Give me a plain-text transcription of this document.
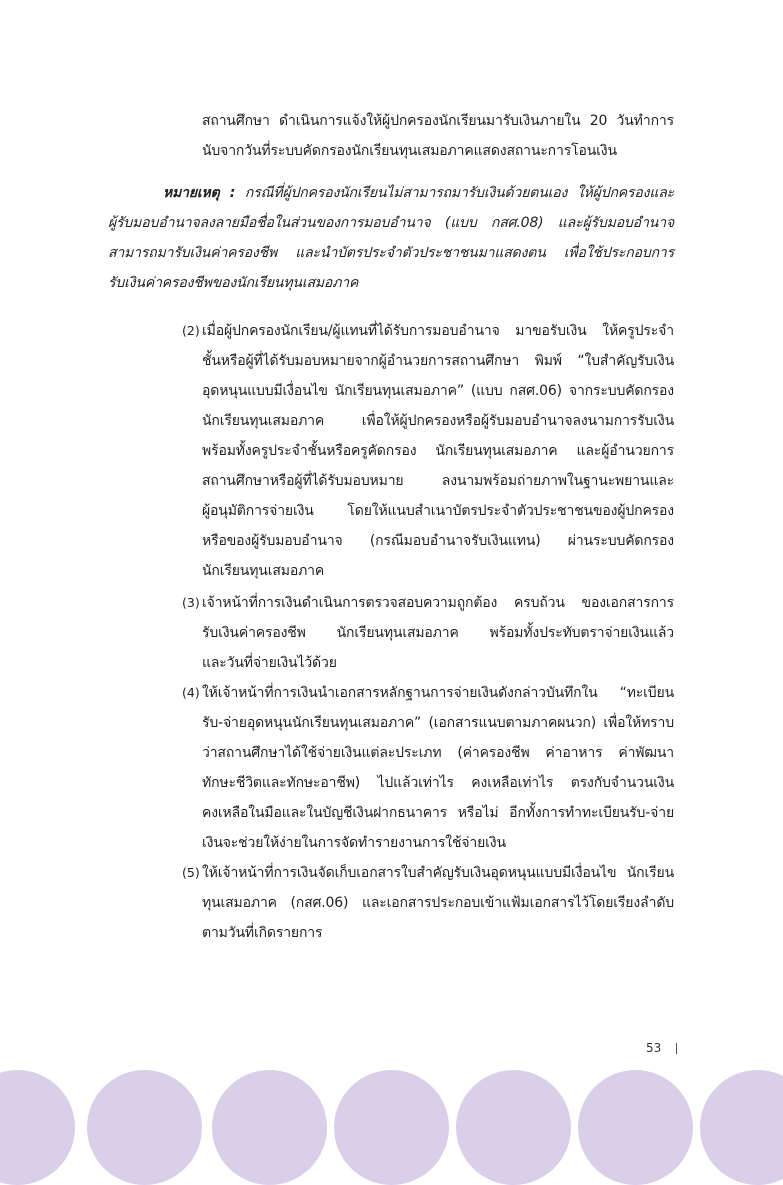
สถานศึกษา ดำเนินการแจ้งให้ผู้ปกครองนักเรียนมารับเงินภายใน 20 วันทำการ
นับจากวันที่ระบบคัดกรองนักเรียนทุนเสมอภาคแสดงสถานะการโอนเงิน
หมายเหตุ : กรณีที่ผู้ปกครองนักเรียนไม่สามารถมารับเงินด้วยตนเอง ให้ผู้ปกครองและ
ผู้รับมอบอำนาจลงลายมือชื่อในส่วนของการมอบอำนาจ (แบบ กสศ.08) และผู้รับมอบอำนาจ
สามารถมารับเงินค่าครองชีพ และนำบัตรประจำตัวประชาชนมาแสดงตน เพื่อใช้ประกอบการ
รับเงินค่าครองชีพของนักเรียนทุนเสมอภาค
(2) เมื่อผู้ปกครองนักเรียน/ผู้แทนที่ได้รับการมอบอำนาจ มาขอรับเงิน ให้ครูประจำ
ชั้นหรือผู้ที่ได้รับมอบหมายจากผู้อำนวยการสถานศึกษา พิมพ์ “ใบสำคัญรับเงิน
อุดหนุนแบบมีเงื่อนไข นักเรียนทุนเสมอภาค” (แบบ กสศ.06) จากระบบคัดกรอง
นักเรียนทุนเสมอภาค เพื่อให้ผู้ปกครองหรือผู้รับมอบอำนาจลงนามการรับเงิน
พร้อมทั้งครูประจำชั้นหรือครูคัดกรอง นักเรียนทุนเสมอภาค และผู้อำนวยการ
สถานศึกษาหรือผู้ที่ได้รับมอบหมาย ลงนามพร้อมถ่ายภาพในฐานะพยานและ
ผู้อนุมัติการจ่ายเงิน โดยให้แนบสำเนาบัตรประจำตัวประชาชนของผู้ปกครอง
หรือของผู้รับมอบอำนาจ (กรณีมอบอำนาจรับเงินแทน) ผ่านระบบคัดกรอง
นักเรียนทุนเสมอภาค
(3) เจ้าหน้าที่การเงินดำเนินการตรวจสอบความถูกต้อง ครบถ้วน ของเอกสารการ
รับเงินค่าครองชีพ นักเรียนทุนเสมอภาค พร้อมทั้งประทับตราจ่ายเงินแล้ว
และวันที่จ่ายเงินไว้ด้วย
(4) ให้เจ้าหน้าที่การเงินนำเอกสารหลักฐานการจ่ายเงินดังกล่าวบันทึกใน “ทะเบียน
รับ-จ่ายอุดหนุนนักเรียนทุนเสมอภาค” (เอกสารแนบตามภาคผนวก) เพื่อให้ทราบ
ว่าสถานศึกษาได้ใช้จ่ายเงินแต่ละประเภท (ค่าครองชีพ ค่าอาหาร ค่าพัฒนา
ทักษะชีวิตและทักษะอาชีพ) ไปแล้วเท่าไร คงเหลือเท่าไร ตรงกับจำนวนเงิน
คงเหลือในมือและในบัญชีเงินฝากธนาคาร หรือไม่ อีกทั้งการทำทะเบียนรับ-จ่าย
เงินจะช่วยให้ง่ายในการจัดทำรายงานการใช้จ่ายเงิน
(5) ให้เจ้าหน้าที่การเงินจัดเก็บเอกสารใบสำคัญรับเงินอุดหนุนแบบมีเงื่อนไข นักเรียน
ทุนเสมอภาค (กสศ.06) และเอกสารประกอบเข้าแฟ้มเอกสารไว้โดยเรียงลำดับ
ตามวันที่เกิดรายการ
53
